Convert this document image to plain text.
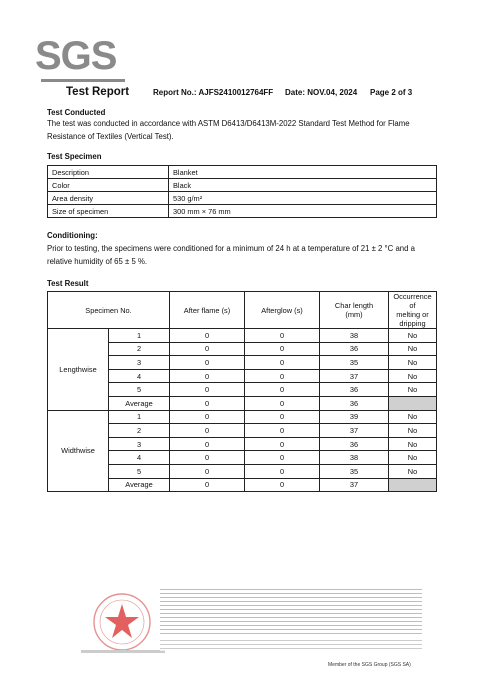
SGS
Test Report	Report No.: AJFS2410012764FF Date: NOV.04, 2024 Page 2 of 3
Test Conducted
The test was conducted in accordance with ASTM D6413/D6413M-2022 Standard Test Method for Flame
Resistance of Textiles (Vertical Test).
Test Specimen
Description	Blanket
Color	Black
Area density	530 g/m²
Size of specimen	300 mm × 76 mm
Conditioning:
Prior to testing, the specimens were conditioned for a minimum of 24 h at a temperature of 21 ± 2 °C and a
relative humidity of 65 ± 5 %.
Test Result
Specimen No.		After flame (s)	Afterglow (s)	Char length
(mm)	Occurrence of
melting or dripping
Lengthwise	1	0	0	38	No
	2	0	0	36	No
	3	0	0	35	No
	4	0	0	37	No
	5	0	0	36	No
	Average	0	0	36	
Widthwise	1	0	0	39	No
	2	0	0	37	No
	3	0	0	36	No
	4	0	0	38	No
	5	0	0	35	No
	Average	0	0	37	
Member of the SGS Group (SGS SA)
